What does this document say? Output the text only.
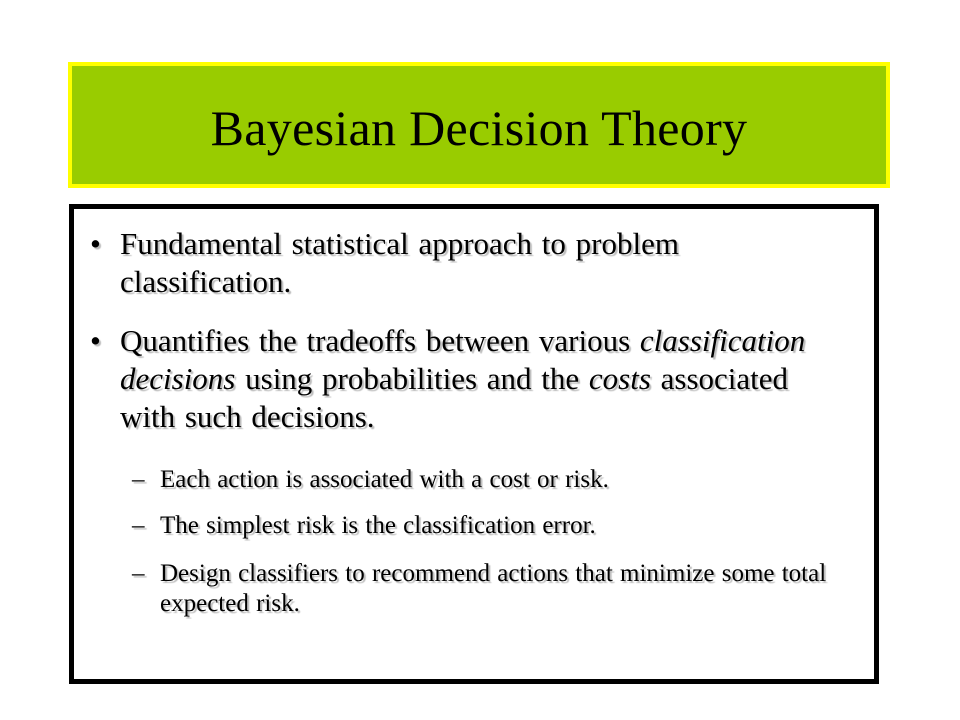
Bayesian Decision Theory
• Fundamental statistical approach to problem classification.
• Quantifies the tradeoffs between various classification decisions using probabilities and the costs associated with such decisions.
– Each action is associated with a cost or risk.
– The simplest risk is the classification error.
– Design classifiers to recommend actions that minimize some total expected risk.
